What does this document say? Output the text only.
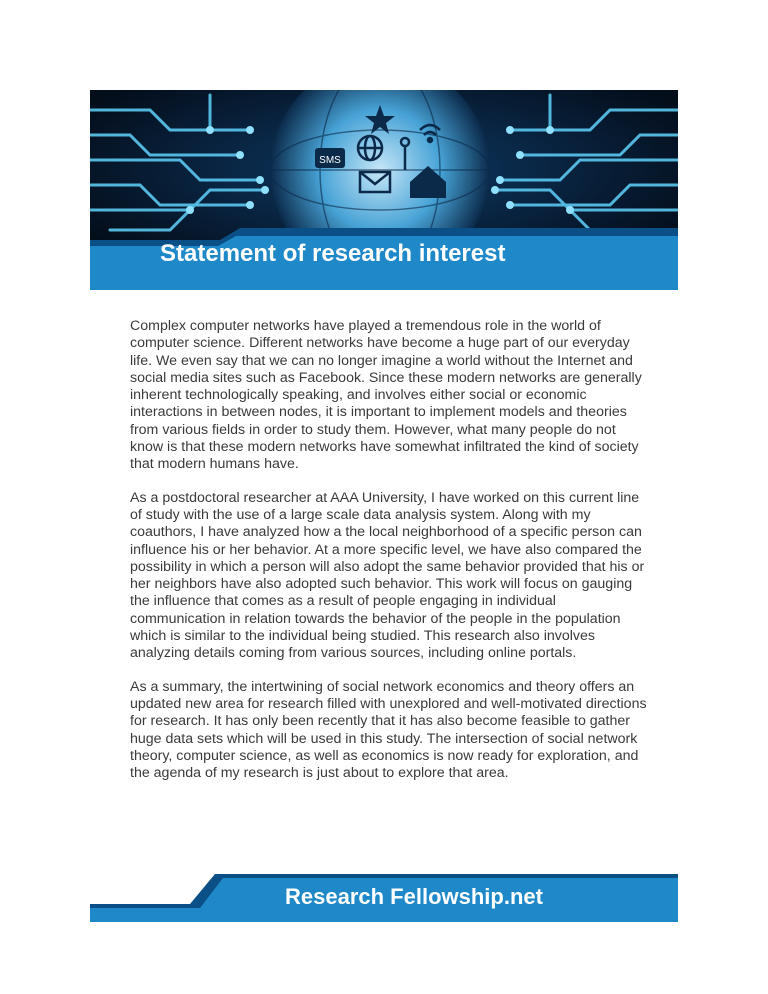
SMS
Statement of research interest

Complex computer networks have played a tremendous role in the world of computer science. Different networks have become a huge part of our everyday life. We even say that we can no longer imagine a world without the Internet and social media sites such as Facebook. Since these modern networks are generally inherent technologically speaking, and involves either social or economic interactions in between nodes, it is important to implement models and theories from various fields in order to study them. However, what many people do not know is that these modern networks have somewhat infiltrated the kind of society that modern humans have.

As a postdoctoral researcher at AAA University, I have worked on this current line of study with the use of a large scale data analysis system. Along with my coauthors, I have analyzed how a the local neighborhood of a specific person can influence his or her behavior. At a more specific level, we have also compared the possibility in which a person will also adopt the same behavior provided that his or her neighbors have also adopted such behavior. This work will focus on gauging the influence that comes as a result of people engaging in individual communication in relation towards the behavior of the people in the population which is similar to the individual being studied. This research also involves analyzing details coming from various sources, including online portals.

As a summary, the intertwining of social network economics and theory offers an updated new area for research filled with unexplored and well-motivated directions for research. It has only been recently that it has also become feasible to gather huge data sets which will be used in this study. The intersection of social network theory, computer science, as well as economics is now ready for exploration, and the agenda of my research is just about to explore that area.

Research Fellowship.net
